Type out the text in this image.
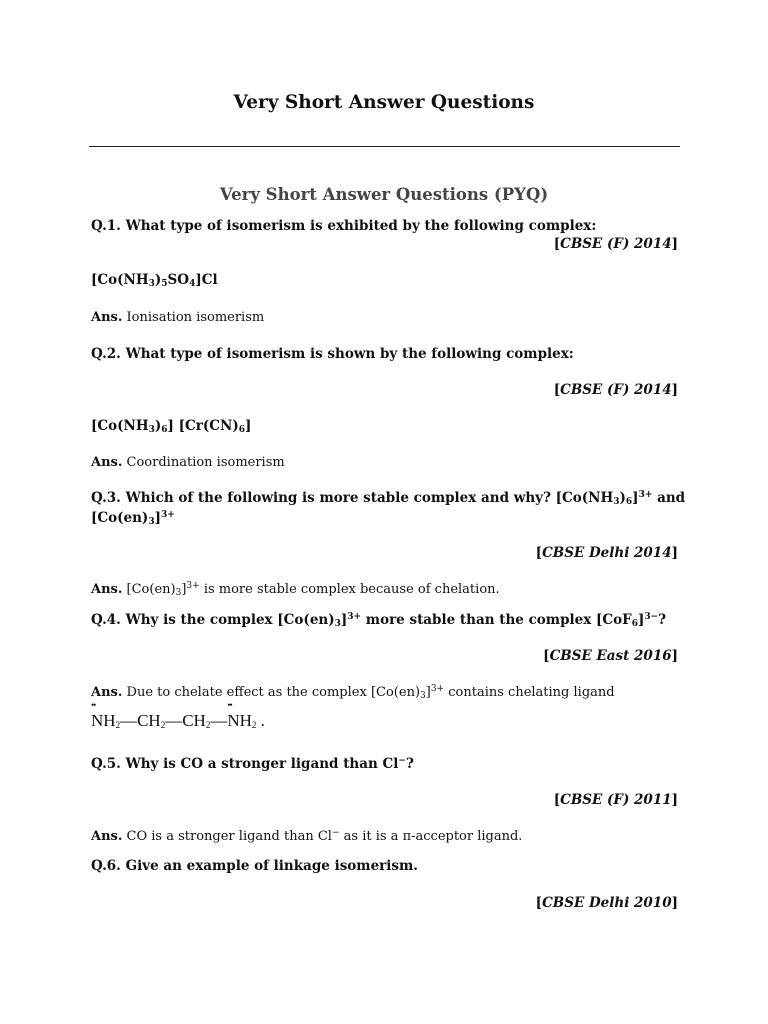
Very Short Answer Questions
Very Short Answer Questions (PYQ)
Q.1. What type of isomerism is exhibited by the following complex:
[CBSE (F) 2014]
$[Co(NH_3)_5SO_4]Cl$
Ans. Ionisation isomerism
Q.2. What type of isomerism is shown by the following complex:
[CBSE (F) 2014]
$[Co(NH_3)_6]$ $[Cr(CN)_6]$
Ans. Coordination isomerism
Q.3. Which of the following is more stable complex and why? $[Co(NH_3)_6]^{3+}$ and
$[Co(en)_3]^{3+}$
[CBSE Delhi 2014]
Ans. $[Co(en)_3]^{3+}$ is more stable complex because of chelation.
Q.4. Why is the complex $[Co(en)_3]^{3+}$ more stable than the complex $[CoF_6]^{3-}$?
[CBSE East 2016]
Ans. Due to chelate effect as the complex $[Co(en)_3]^{3+}$ contains chelating ligand
•• $NH_2—CH_2—CH_2—••$ $NH_2$ .
Q.5. Why is CO a stronger ligand than Cl−?
[CBSE (F) 2011]
Ans. CO is a stronger ligand than Cl− as it is a π-acceptor ligand.
Q.6. Give an example of linkage isomerism.
[CBSE Delhi 2010]
